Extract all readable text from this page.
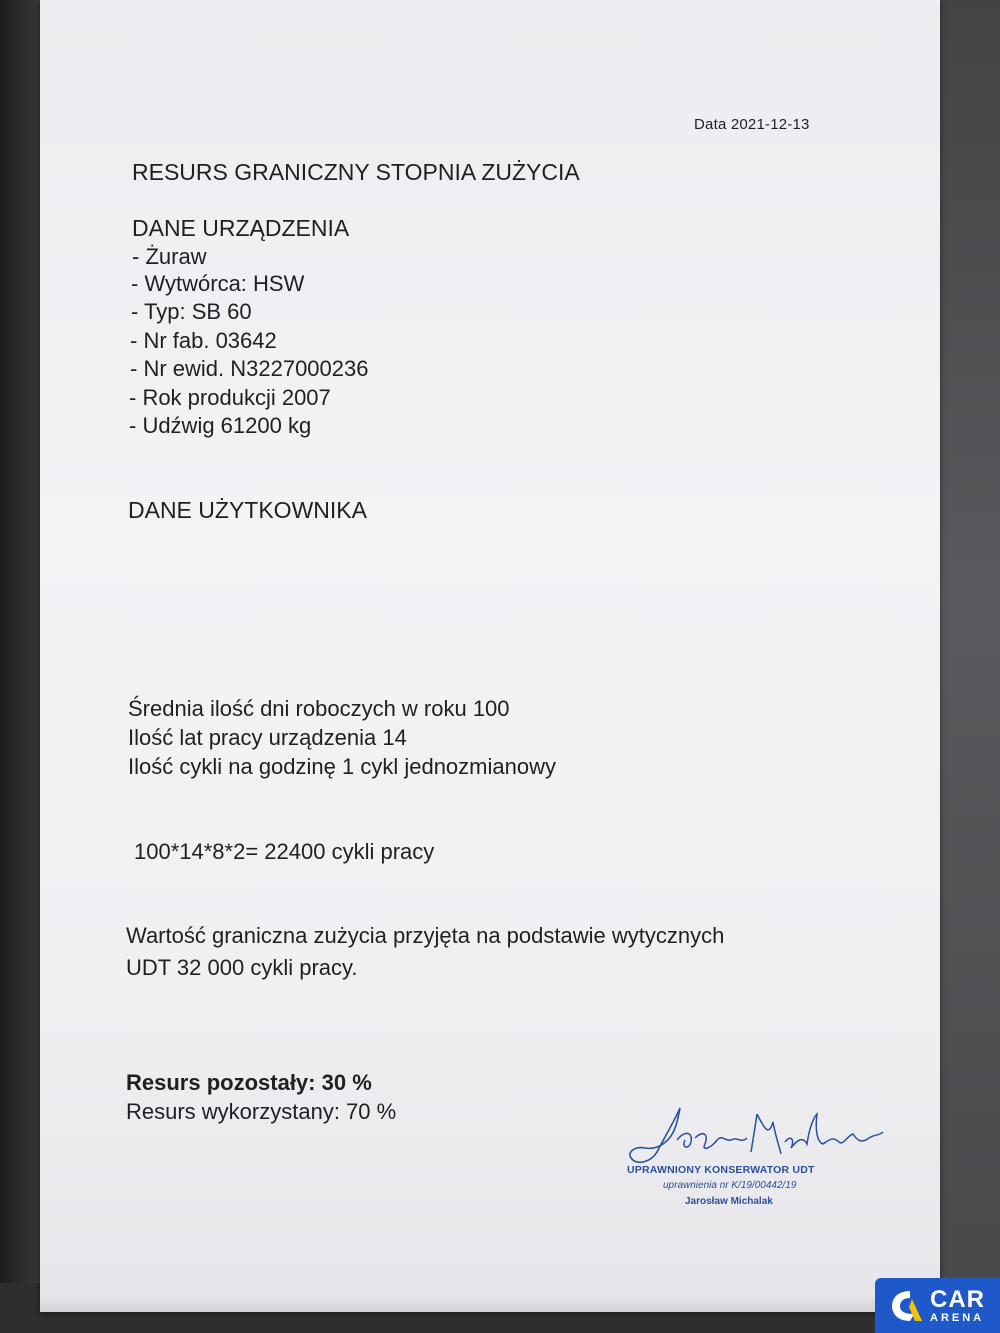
Data 2021-12-13
RESURS GRANICZNY STOPNIA ZUŻYCIA
DANE URZĄDZENIA
- Żuraw
- Wytwórca: HSW
- Typ: SB 60
- Nr fab. 03642
- Nr ewid. N3227000236
- Rok produkcji 2007
- Udźwig 61200 kg
DANE UŻYTKOWNIKA
Średnia ilość dni roboczych w roku 100
Ilość lat pracy urządzenia 14
Ilość cykli na godzinę 1 cykl jednozmianowy
100*14*8*2= 22400 cykli pracy
Wartość graniczna zużycia przyjęta na podstawie wytycznych
UDT 32 000 cykli pracy.
Resurs pozostały: 30 %
Resurs wykorzystany: 70 %
UPRAWNIONY KONSERWATOR UDT
uprawnienia nr K/19/00442/19
Jarosław Michalak
CAR
ARENA
